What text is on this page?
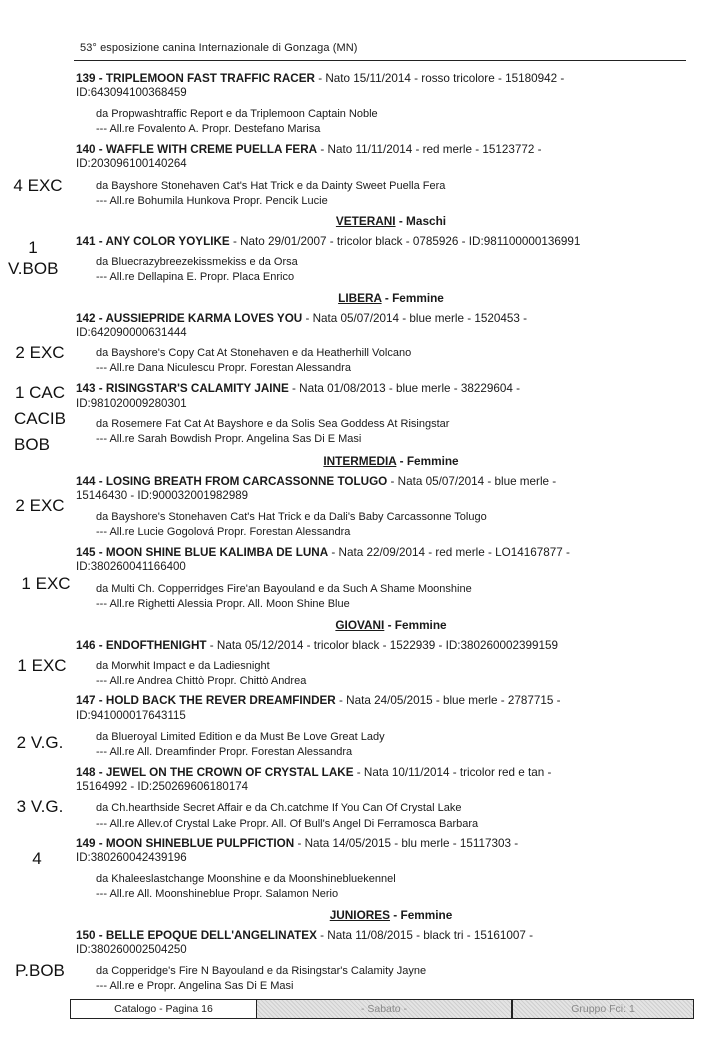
53° esposizione canina Internazionale di Gonzaga (MN)
139 - TRIPLEMOON FAST TRAFFIC RACER - Nato 15/11/2014 - rosso tricolore - 15180942 -
ID:643094100368459
da Propwashtraffic Report e da Triplemoon Captain Noble
--- All.re Fovalento A. Propr. Destefano Marisa
140 - WAFFLE WITH CREME PUELLA FERA - Nato 11/11/2014 - red merle - 15123772 -
ID:203096100140264
da Bayshore Stonehaven Cat's Hat Trick e da Dainty Sweet Puella Fera
--- All.re Bohumila Hunkova Propr. Pencik Lucie
VETERANI - Maschi
141 - ANY COLOR YOYLIKE - Nato 29/01/2007 - tricolor black - 0785926 - ID:981100000136991
da Bluecrazybreezekissmekiss e da Orsa
--- All.re Dellapina E. Propr. Placa Enrico
LIBERA - Femmine
142 - AUSSIEPRIDE KARMA LOVES YOU - Nata 05/07/2014 - blue merle - 1520453 -
ID:642090000631444
da Bayshore's Copy Cat At Stonehaven e da Heatherhill Volcano
--- All.re Dana Niculescu Propr. Forestan Alessandra
143 - RISINGSTAR'S CALAMITY JAINE - Nata 01/08/2013 - blue merle - 38229604 -
ID:981020009280301
da Rosemere Fat Cat At Bayshore e da Solis Sea Goddess At Risingstar
--- All.re Sarah Bowdish Propr. Angelina Sas Di E Masi
INTERMEDIA - Femmine
144 - LOSING BREATH FROM CARCASSONNE TOLUGO - Nata 05/07/2014 - blue merle -
15146430 - ID:900032001982989
da Bayshore's Stonehaven Cat's Hat Trick e da Dali's Baby Carcassonne Tolugo
--- All.re Lucie Gogolová Propr. Forestan Alessandra
145 - MOON SHINE BLUE KALIMBA DE LUNA - Nata 22/09/2014 - red merle - LO14167877 -
ID:380260041166400
da Multi Ch. Copperridges Fire'an Bayouland e da Such A Shame Moonshine
--- All.re Righetti Alessia Propr. All. Moon Shine Blue
GIOVANI - Femmine
146 - ENDOFTHENIGHT - Nata 05/12/2014 - tricolor black - 1522939 - ID:380260002399159
da Morwhit Impact e da Ladiesnight
--- All.re Andrea Chittò Propr. Chittò Andrea
147 - HOLD BACK THE REVER DREAMFINDER - Nata 24/05/2015 - blue merle - 2787715 -
ID:941000017643115
da Blueroyal Limited Edition e da Must Be Love Great Lady
--- All.re All. Dreamfinder Propr. Forestan Alessandra
148 - JEWEL ON THE CROWN OF CRYSTAL LAKE - Nata 10/11/2014 - tricolor red e tan -
15164992 - ID:250269606180174
da Ch.hearthside Secret Affair e da Ch.catchme If You Can Of Crystal Lake
--- All.re Allev.of Crystal Lake Propr. All. Of Bull's Angel Di Ferramosca Barbara
149 - MOON SHINEBLUE PULPFICTION - Nata 14/05/2015 - blu merle - 15117303 -
ID:380260042439196
da Khaleeslastchange Moonshine e da Moonshinebluekennel
--- All.re All. Moonshineblue Propr. Salamon Nerio
JUNIORES - Femmine
150 - BELLE EPOQUE DELL'ANGELINATEX - Nata 11/08/2015 - black tri - 15161007 -
ID:380260002504250
da Copperidge's Fire N Bayouland e da Risingstar's Calamity Jayne
--- All.re e Propr. Angelina Sas Di E Masi
4 EXC
1
V.BOB
2 EXC
1 CAC
CACIB
BOB
2 EXC
1 EXC
1 EXC
2 V.G.
3 V.G.
4
P.BOB
Catalogo - Pagina 16	- Sabato -	Gruppo Fci: 1
